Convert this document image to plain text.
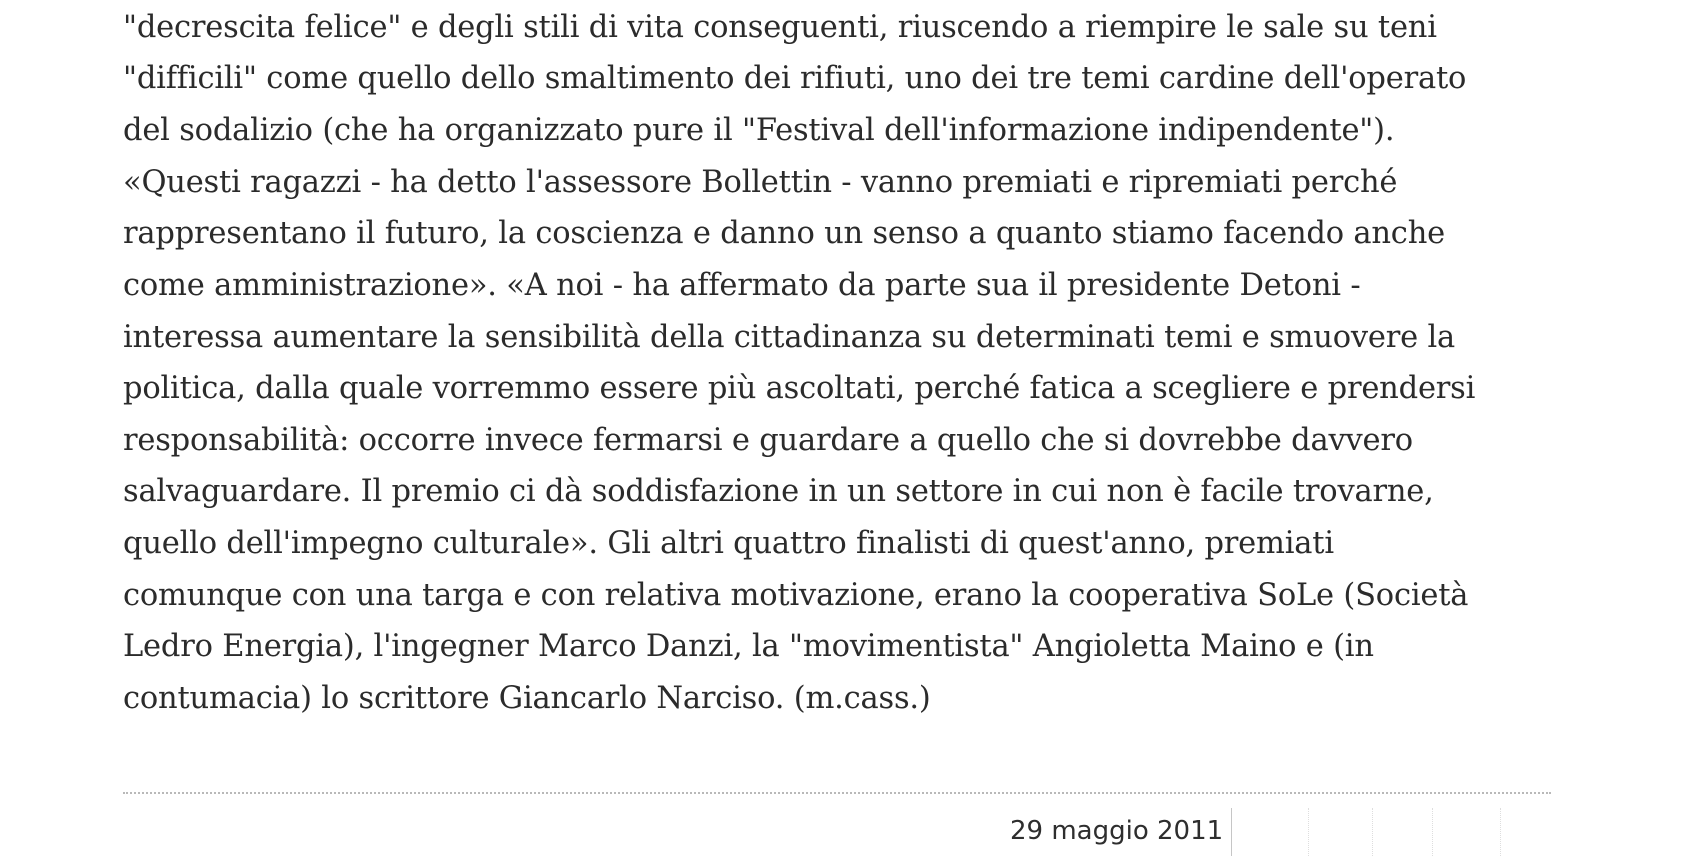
"decrescita felice" e degli stili di vita conseguenti, riuscendo a riempire le sale su teni
"difficili" come quello dello smaltimento dei rifiuti, uno dei tre temi cardine dell'operato
del sodalizio (che ha organizzato pure il "Festival dell'informazione indipendente").
«Questi ragazzi - ha detto l'assessore Bollettin - vanno premiati e ripremiati perché
rappresentano il futuro, la coscienza e danno un senso a quanto stiamo facendo anche
come amministrazione». «A noi - ha affermato da parte sua il presidente Detoni -
interessa aumentare la sensibilità della cittadinanza su determinati temi e smuovere la
politica, dalla quale vorremmo essere più ascoltati, perché fatica a scegliere e prendersi
responsabilità: occorre invece fermarsi e guardare a quello che si dovrebbe davvero
salvaguardare. Il premio ci dà soddisfazione in un settore in cui non è facile trovarne,
quello dell'impegno culturale». Gli altri quattro finalisti di quest'anno, premiati
comunque con una targa e con relativa motivazione, erano la cooperativa SoLe (Società
Ledro Energia), l'ingegner Marco Danzi, la "movimentista" Angioletta Maino e (in
contumacia) lo scrittore Giancarlo Narciso. (m.cass.)
29 maggio 2011
